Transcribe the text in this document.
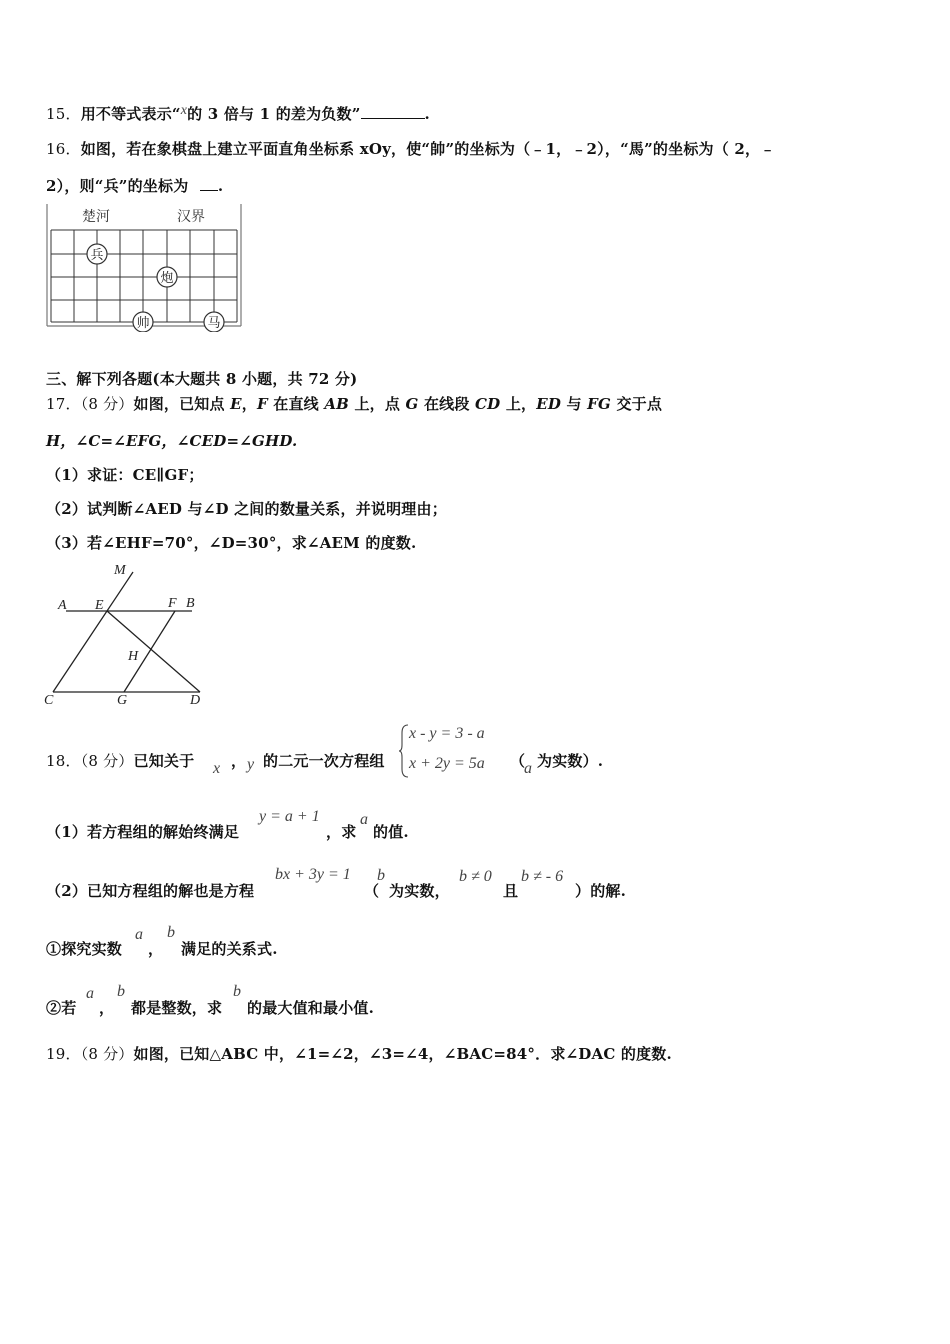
15．用不等式表示“x的 3 倍与 1 的差为负数”	.
16．如图，若在象棋盘上建立平面直角坐标系 xOy，使“帥”的坐标为（﹣1，﹣2），“馬”的坐标为（ 2，﹣
2），则“兵”的坐标为 .
楚河	汉界
兵
炮
帅	马
三、解下列各题(本大题共 8 小题，共 72 分)
17．（8 分）如图，已知点 E，F 在直线 AB 上，点 G 在线段 CD 上，ED 与 FG 交于点
H，∠C=∠EFG，∠CED=∠GHD.
（1）求证：CE∥GF；
（2）试判断∠AED 与∠D 之间的数量关系，并说明理由；
（3）若∠EHF=70°，∠D=30°，求∠AEM 的度数.
M
A E	F B
H
C	G	D
18．（8 分）已知关于 x ， y 的二元一次方程组
x - y = 3 - a
x + 2y = 5a （
a 为实数）.
（1）若方程组的解始终满足
y = a + 1
，求
a
的值.
（2）已知方程组的解也是方程
bx + 3y = 1
（
b
为实数，
b ≠ 0
且
b ≠ - 6
）的解.
①探究实数
a
，
b
满足的关系式.
②若
a
，
b
都是整数，求
b
的最大值和最小值.
19．（8 分）如图，已知△ABC 中，∠1=∠2，∠3=∠4，∠BAC=84°．求∠DAC 的度数.
